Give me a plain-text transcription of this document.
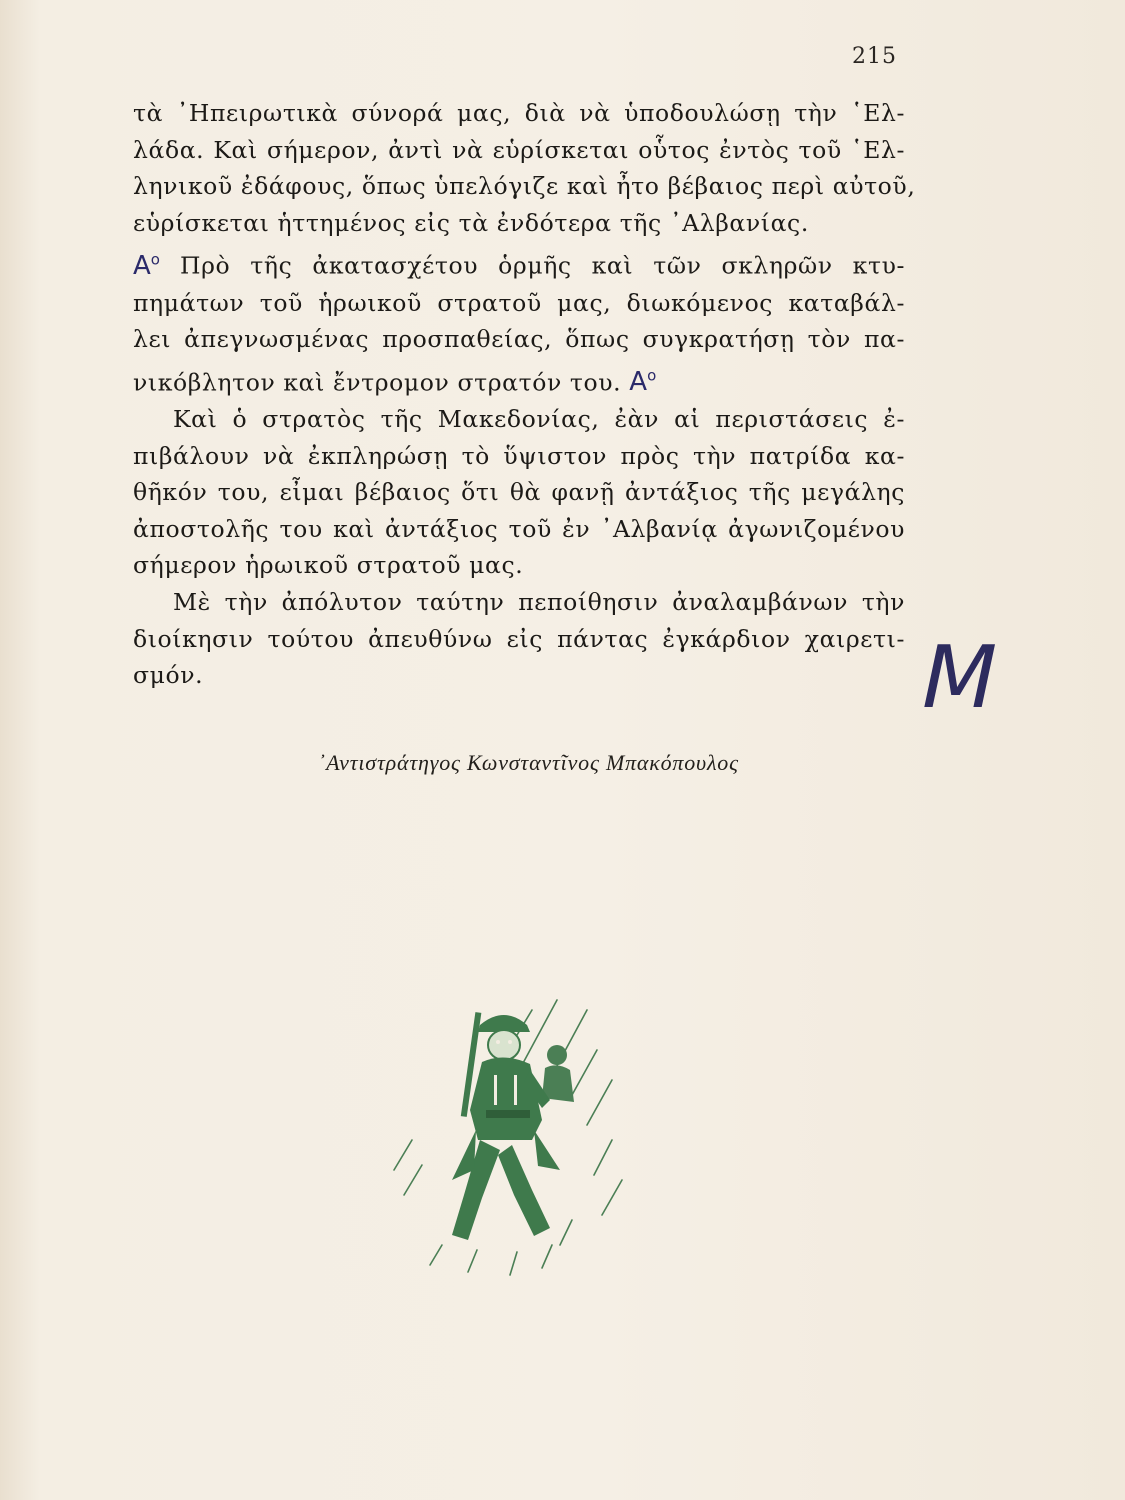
215
τὰ ᾿Ηπειρωτικὰ σύνορά μας, διὰ νὰ ὑποδουλώσῃ τὴν ῾Ελ-
λάδα. Καὶ σήμερον, ἀντὶ νὰ εὑρίσκεται οὗτος ἐντὸς τοῦ ῾Ελ-
ληνικοῦ ἐδάφους, ὅπως ὑπελόγιζε καὶ ἦτο βέβαιος περὶ αὐτοῦ,
εὑρίσκεται ἡττημένος εἰς τὰ ἐνδότερα τῆς ᾿Αλβανίας.
$A^o$ Πρὸ τῆς ἀκατασχέτου ὁρμῆς καὶ τῶν σκληρῶν κτυ-
πημάτων τοῦ ἡρωικοῦ στρατοῦ μας, διωκόμενος καταβάλ-
λει ἀπεγνωσμένας προσπαθείας, ὅπως συγκρατήσῃ τὸν πα-
νικόβλητον καὶ ἔντρομον στρατόν του. $A^o$
Καὶ ὁ στρατὸς τῆς Μακεδονίας, ἐὰν αἱ περιστάσεις ἐ-
πιβάλουν νὰ ἐκπληρώσῃ τὸ ὕψιστον πρὸς τὴν πατρίδα κα-
θῆκόν του, εἶμαι βέβαιος ὅτι θὰ φανῇ ἀντάξιος τῆς μεγάλης
ἀποστολῆς του καὶ ἀντάξιος τοῦ ἐν ᾿Αλβανίᾳ ἀγωνιζομένου
σήμερον ἡρωικοῦ στρατοῦ μας.
Μὲ τὴν ἀπόλυτον ταύτην πεποίθησιν ἀναλαμβάνων τὴν
διοίκησιν τούτου ἀπευθύνω εἰς πάντας ἐγκάρδιον χαιρετι-
σμόν.	M
᾿Αντιστράτηγος Κωνσταντῖνος Μπακόπουλος
